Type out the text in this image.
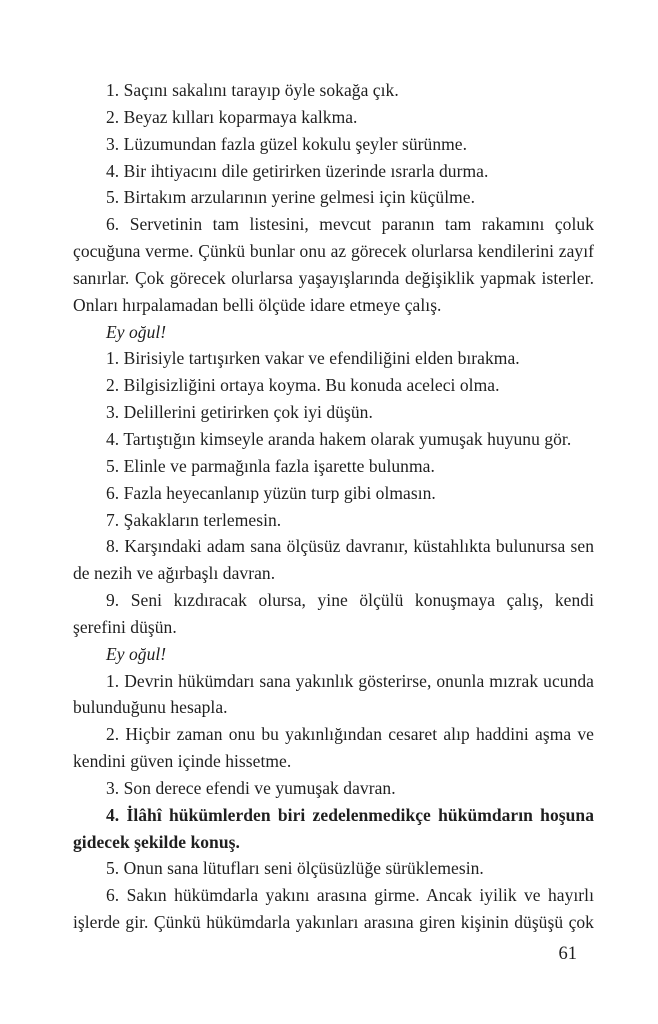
1. Saçını sakalını tarayıp öyle sokağa çık.

2. Beyaz kılları koparmaya kalkma.

3. Lüzumundan fazla güzel kokulu şeyler sürünme.

4. Bir ihtiyacını dile getirirken üzerinde ısrarla durma.

5. Birtakım arzularının yerine gelmesi için küçülme.

6. Servetinin tam listesini, mevcut paranın tam rakamını çoluk çocuğuna verme. Çünkü bunlar onu az görecek olurlarsa kendilerini zayıf sanırlar. Çok görecek olurlarsa yaşayışlarında değişiklik yapmak isterler. Onları hırpalamadan belli ölçüde idare etmeye çalış.

Ey oğul!

1. Birisiyle tartışırken vakar ve efendiliğini elden bırakma.

2. Bilgisizliğini ortaya koyma. Bu konuda aceleci olma.

3. Delillerini getirirken çok iyi düşün.

4. Tartıştığın kimseyle aranda hakem olarak yumuşak huyunu gör.

5. Elinle ve parmağınla fazla işarette bulunma.

6. Fazla heyecanlanıp yüzün turp gibi olmasın.

7. Şakakların terlemesin.

8. Karşındaki adam sana ölçüsüz davranır, küstahlıkta bulunursa sen de nezih ve ağırbaşlı davran.

9. Seni kızdıracak olursa, yine ölçülü konuşmaya çalış, kendi şerefini düşün.

Ey oğul!

1. Devrin hükümdarı sana yakınlık gösterirse, onunla mızrak ucunda bulunduğunu hesapla.

2. Hiçbir zaman onu bu yakınlığından cesaret alıp haddini aşma ve kendini güven içinde hissetme.

3. Son derece efendi ve yumuşak davran.

4. İlâhî hükümlerden biri zedelenmedikçe hükümdarın hoşuna gidecek şekilde konuş.

5. Onun sana lütufları seni ölçüsüzlüğe sürüklemesin.

6. Sakın hükümdarla yakını arasına girme. Ancak iyilik ve hayırlı işlerde gir. Çünkü hükümdarla yakınları arasına giren kişinin düşüşü çok

61
